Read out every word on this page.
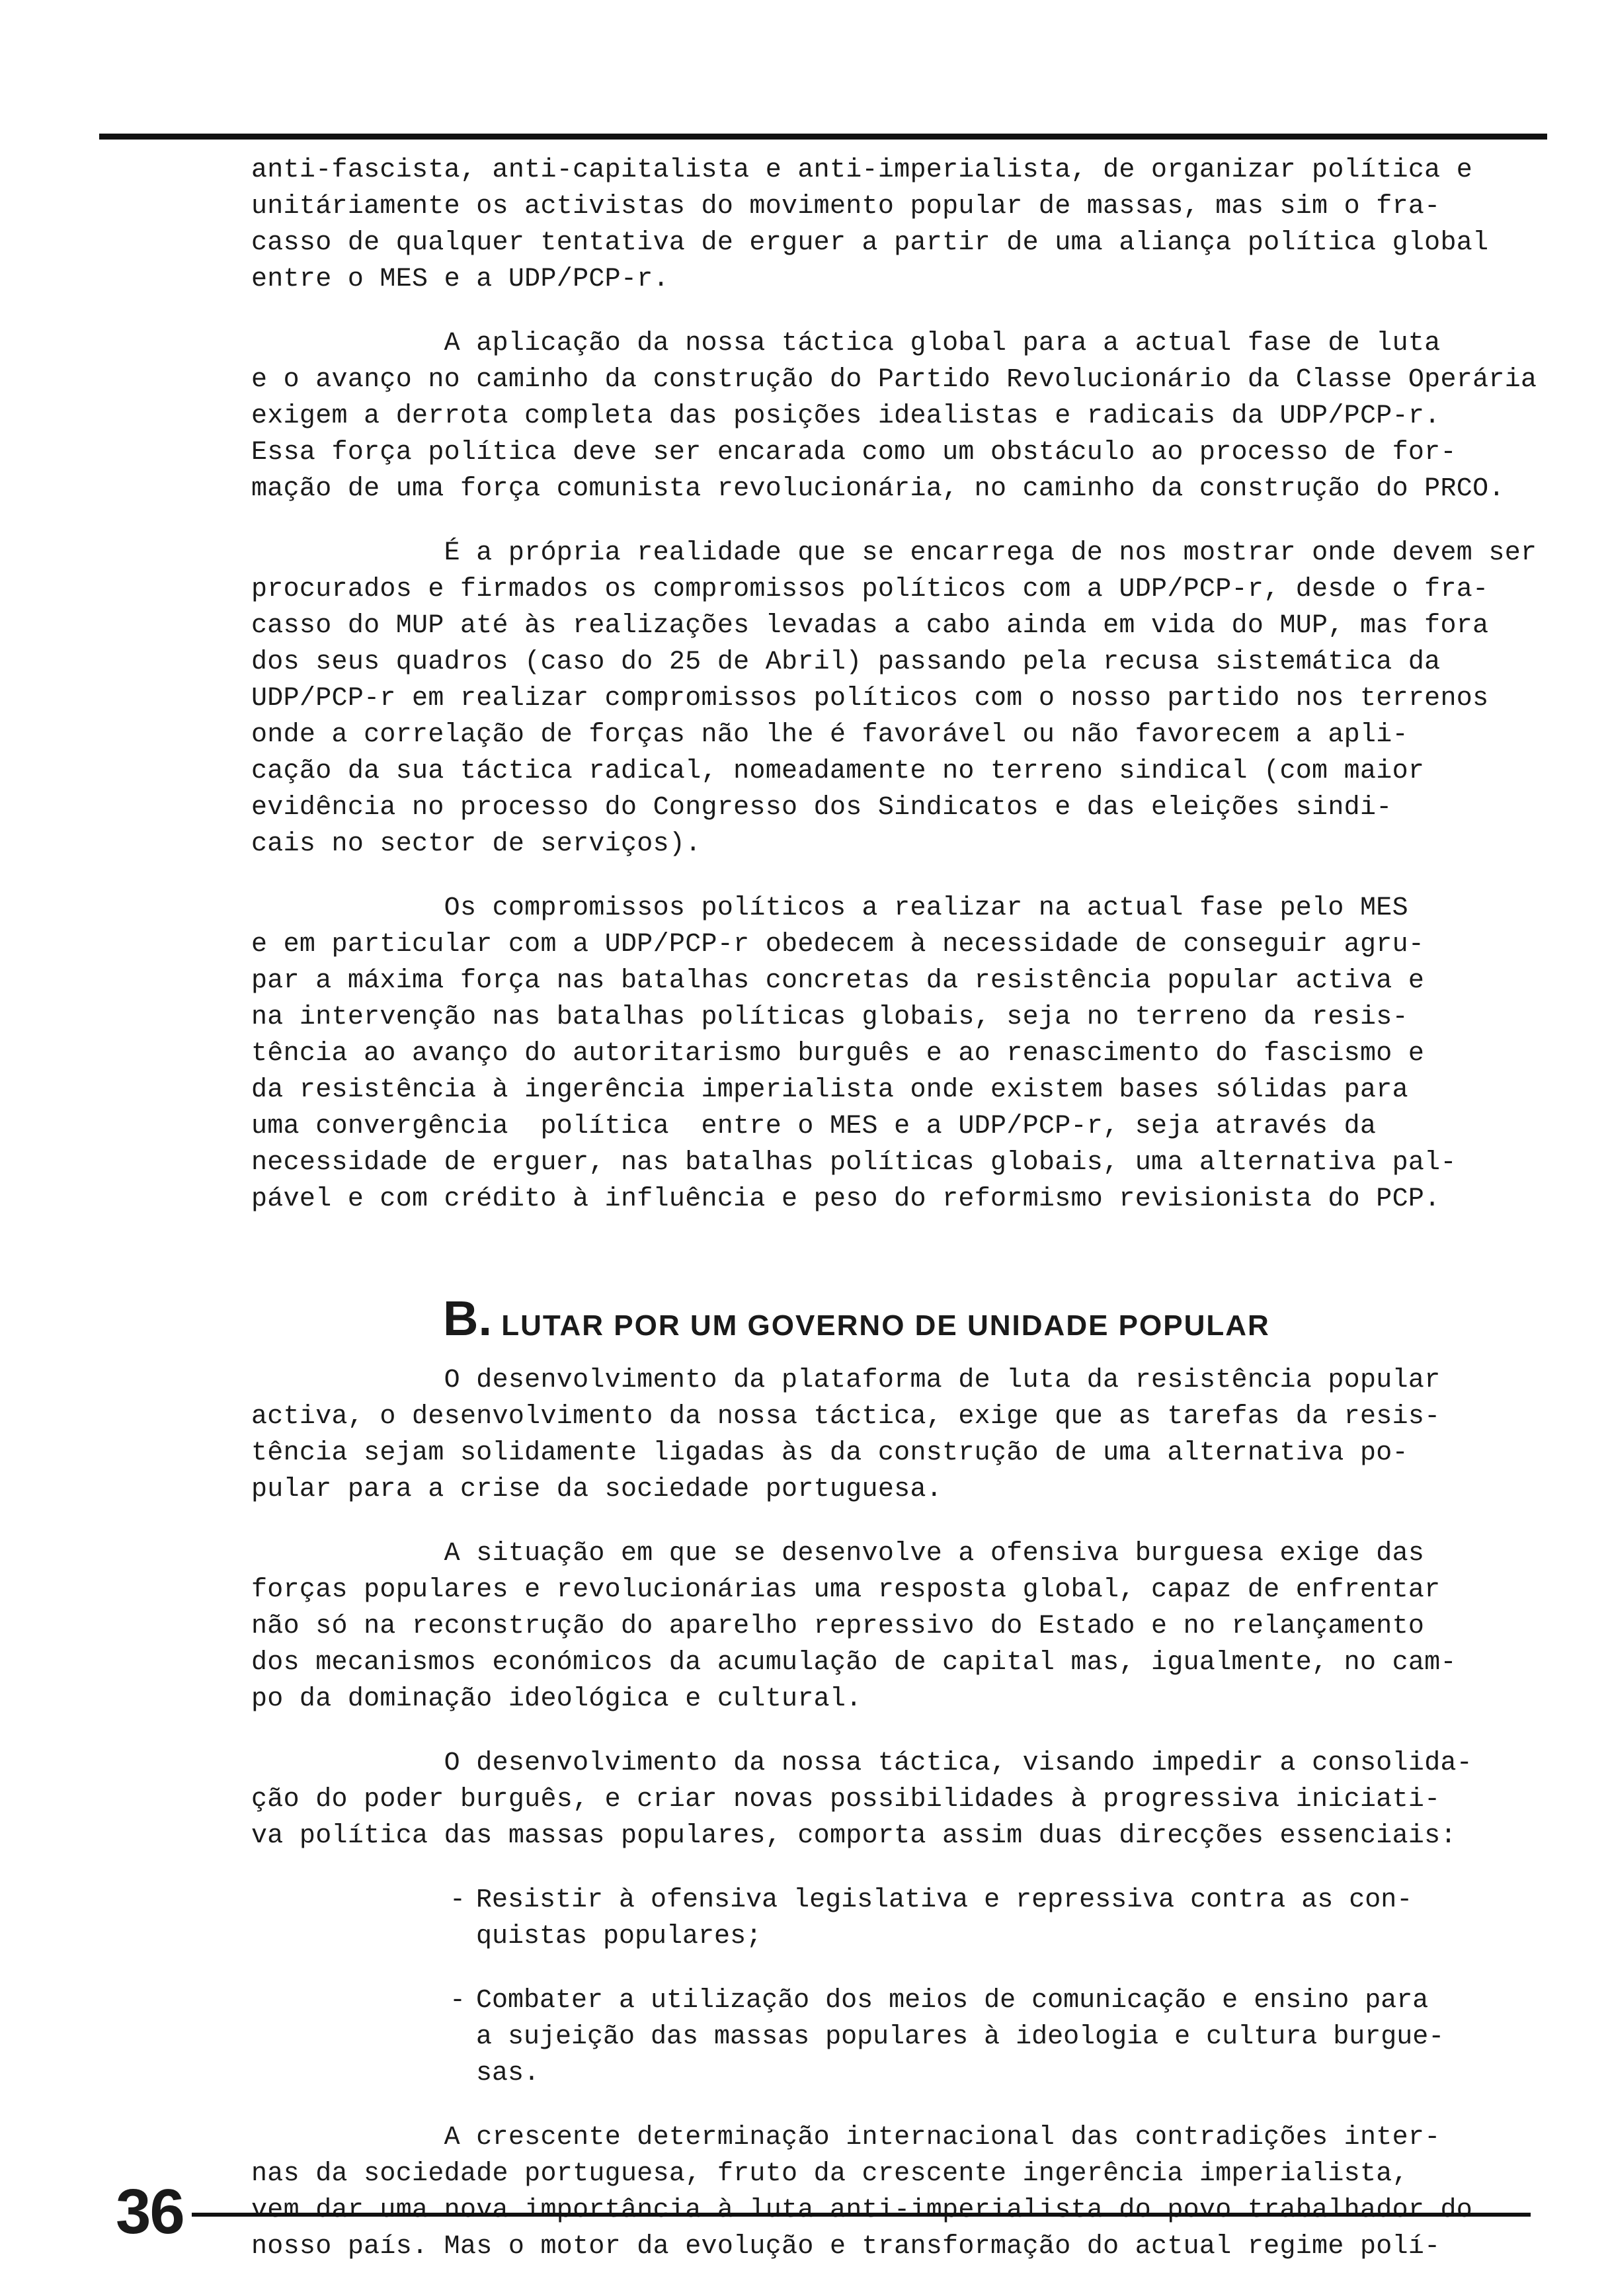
anti-fascista, anti-capitalista e anti-imperialista, de organizar política e
unitáriamente os activistas do movimento popular de massas, mas sim o fra-
casso de qualquer tentativa de erguer a partir de uma aliança política global
entre o MES e a UDP/PCP-r.

A aplicação da nossa táctica global para a actual fase de luta
e o avanço no caminho da construção do Partido Revolucionário da Classe Operária
exigem a derrota completa das posições idealistas e radicais da UDP/PCP-r.
Essa força política deve ser encarada como um obstáculo ao processo de for-
mação de uma força comunista revolucionária, no caminho da construção do PRCO.

É a própria realidade que se encarrega de nos mostrar onde devem ser
procurados e firmados os compromissos políticos com a UDP/PCP-r, desde o fra-
casso do MUP até às realizações levadas a cabo ainda em vida do MUP, mas fora
dos seus quadros (caso do 25 de Abril) passando pela recusa sistemática da
UDP/PCP-r em realizar compromissos políticos com o nosso partido nos terrenos
onde a correlação de forças não lhe é favorável ou não favorecem a apli-
cação da sua táctica radical, nomeadamente no terreno sindical (com maior
evidência no processo do Congresso dos Sindicatos e das eleições sindi-
cais no sector de serviços).

Os compromissos políticos a realizar na actual fase pelo MES
e em particular com a UDP/PCP-r obedecem à necessidade de conseguir agru-
par a máxima força nas batalhas concretas da resistência popular activa e
na intervenção nas batalhas políticas globais, seja no terreno da resis-
tência ao avanço do autoritarismo burguês e ao renascimento do fascismo e
da resistência à ingerência imperialista onde existem bases sólidas para
uma convergência  política  entre o MES e a UDP/PCP-r, seja através da
necessidade de erguer, nas batalhas políticas globais, uma alternativa pal-
pável e com crédito à influência e peso do reformismo revisionista do PCP.

B. LUTAR POR UM GOVERNO DE UNIDADE POPULAR

O desenvolvimento da plataforma de luta da resistência popular
activa, o desenvolvimento da nossa táctica, exige que as tarefas da resis-
tência sejam solidamente ligadas às da construção de uma alternativa po-
pular para a crise da sociedade portuguesa.

A situação em que se desenvolve a ofensiva burguesa exige das
forças populares e revolucionárias uma resposta global, capaz de enfrentar
não só na reconstrução do aparelho repressivo do Estado e no relançamento
dos mecanismos económicos da acumulação de capital mas, igualmente, no cam-
po da dominação ideológica e cultural.

O desenvolvimento da nossa táctica, visando impedir a consolida-
ção do poder burguês, e criar novas possibilidades à progressiva iniciati-
va política das massas populares, comporta assim duas direcções essenciais:

- Resistir à ofensiva legislativa e repressiva contra as con-
quistas populares;
- Combater a utilização dos meios de comunicação e ensino para
a sujeição das massas populares à ideologia e cultura burgue-
sas.

A crescente determinação internacional das contradições inter-
nas da sociedade portuguesa, fruto da crescente ingerência imperialista,
vem dar uma nova importância à luta anti-imperialista do povo trabalhador do
nosso país. Mas o motor da evolução e transformação do actual regime polí-

36
